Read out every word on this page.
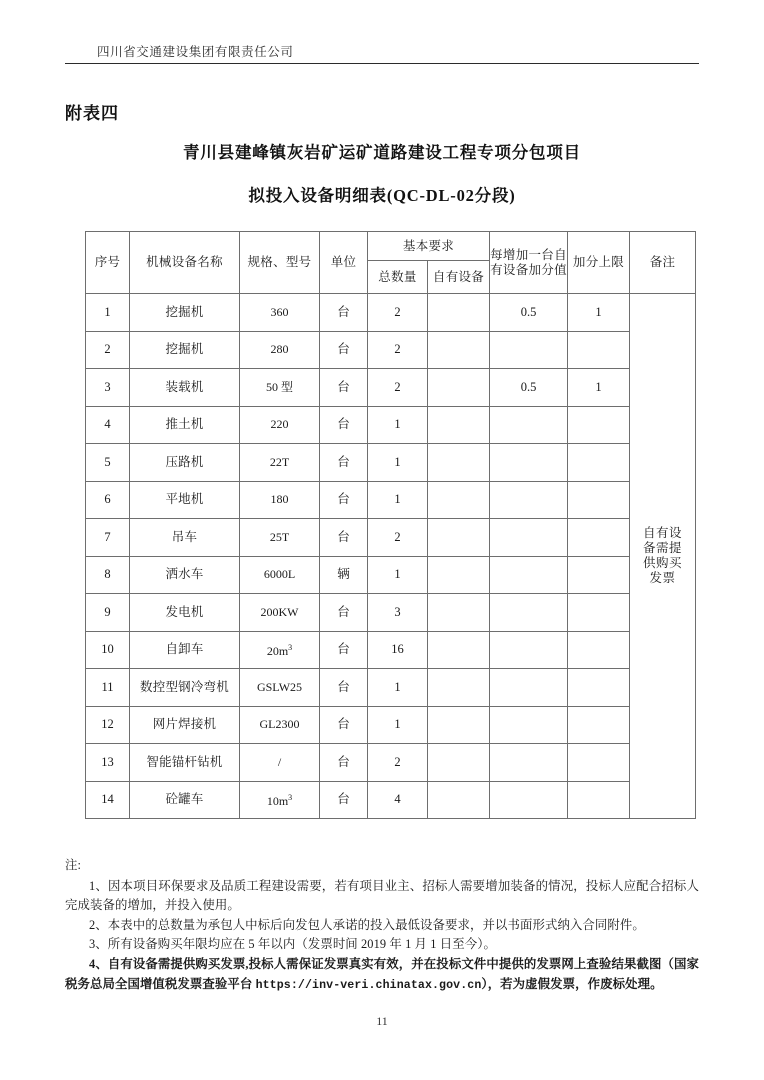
四川省交通建设集团有限责任公司
附表四
青川县建峰镇灰岩矿运矿道路建设工程专项分包项目
拟投入设备明细表(QC-DL-02分段)
序号	机械设备名称	规格、型号	单位	基本要求		每增加一台自有设备加分值	加分上限	备注
				总数量	自有设备			
1	挖掘机	360	台	2		0.5	1	自有设
备需提
供购买
发票

2	挖掘机	280	台	2				
3	装载机	50 型	台	2		0.5	1	
4	推土机	220	台	1				
5	压路机	22T	台	1				
6	平地机	180	台	1				
7	吊车	25T	台	2				
8	洒水车	6000L	辆	1				
9	发电机	200KW	台	3				
10	自卸车	$20m^3$	台	16				
11	数控型钢冷弯机	GSLW25	台	1				
12	网片焊接机	GL2300	台	1				
13	智能锚杆钻机	/	台	2				
14	砼罐车	$10m^3$	台	4				

注:

1、因本项目环保要求及品质工程建设需要，若有项目业主、招标人需要增加装备的情况，投标人应配合招标人完成装备的增加，并投入使用。

2、本表中的总数量为承包人中标后向发包人承诺的投入最低设备要求，并以书面形式纳入合同附件。

3、所有设备购买年限均应在 5 年以内（发票时间 2019 年 1 月 1 日至今）。

4、自有设备需提供购买发票,投标人需保证发票真实有效，并在投标文件中提供的发票网上查验结果截图（国家税务总局全国增值税发票查验平台 https://inv-veri.chinatax.gov.cn），若为虚假发票，作废标处理。

11
